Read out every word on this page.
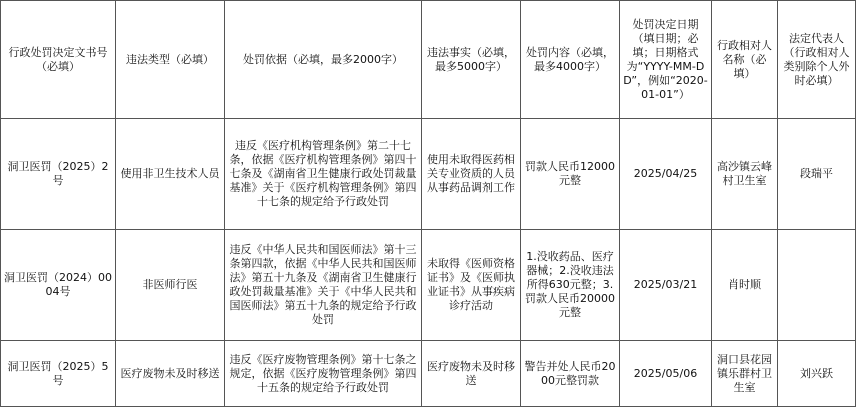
行政处罚决定文书号（必填）	违法类型（必填）	处罚依据（必填，最多2000字）	违法事实（必填，最多5000字）	处罚内容（必填，最多4000字）	处罚决定日期（填日期；必填；日期格式为“YYYY-MM-DD”，例如“2020-01-01”）	行政相对人名称（必填）	法定代表人（行政相对人类别除个人外时必填）
洞卫医罚（2025）2号	使用非卫生技术人员	违反《医疗机构管理条例》第二十七条，依据《医疗机构管理条例》第四十七条及《湖南省卫生健康行政处罚裁量基准》关于《医疗机构管理条例》第四十七条的规定给予行政处罚	使用未取得医药相关专业资质的人员从事药品调剂工作	罚款人民币12000元整	2025/04/25	高沙镇云峰村卫生室	段瑞平
洞卫医罚（2024）0004号	非医师行医	违反《中华人民共和国医师法》第十三条第四款，依据《中华人民共和国医师法》第五十九条及《湖南省卫生健康行政处罚裁量基准》关于《中华人民共和国医师法》第五十九条的规定给予行政处罚	未取得《医师资格证书》及《医师执业证书》从事疾病诊疗活动	1.没收药品、医疗器械；2.没收违法所得630元整；3.罚款人民币20000元整	2025/03/21	肖时顺	
洞卫医罚（2025）5号	医疗废物未及时移送	违反《医疗废物管理条例》第十七条之规定，依据《医疗废物管理条例》第四十五条的规定给予行政处罚	医疗废物未及时移送	警告并处人民币2000元整罚款	2025/05/06	洞口县花园镇乐群村卫生室	刘兴跃
